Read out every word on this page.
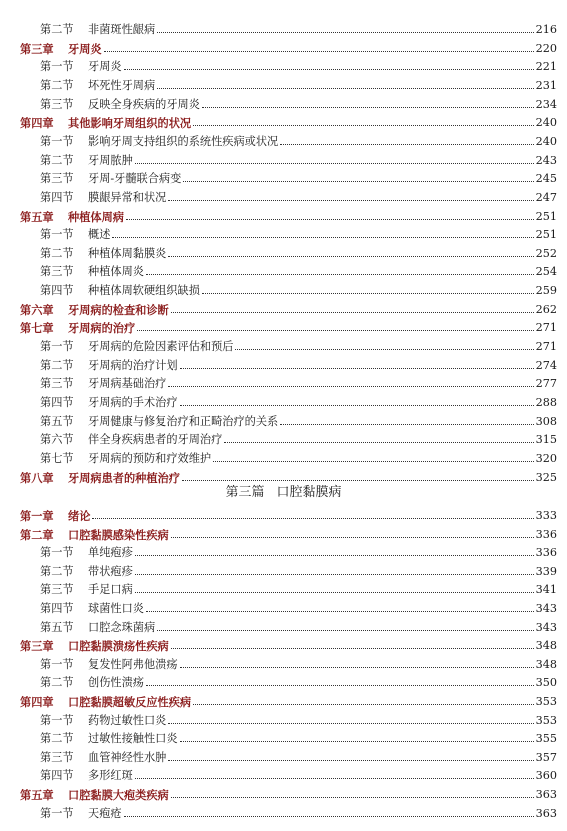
第三篇 口腔黏膜病
第二节	非菌斑性龈病	216
第三章	牙周炎	220
第一节	牙周炎	221
第二节	坏死性牙周病	231
第三节	反映全身疾病的牙周炎	234
第四章	其他影响牙周组织的状况	240
第一节	影响牙周支持组织的系统性疾病或状况	240
第二节	牙周脓肿	243
第三节	牙周-牙髓联合病变	245
第四节	膜龈异常和状况	247
第五章	种植体周病	251
第一节	概述	251
第二节	种植体周黏膜炎	252
第三节	种植体周炎	254
第四节	种植体周软硬组织缺损	259
第六章	牙周病的检查和诊断	262
第七章	牙周病的治疗	271
第一节	牙周病的危险因素评估和预后	271
第二节	牙周病的治疗计划	274
第三节	牙周病基础治疗	277
第四节	牙周病的手术治疗	288
第五节	牙周健康与修复治疗和正畸治疗的关系	308
第六节	伴全身疾病患者的牙周治疗	315
第七节	牙周病的预防和疗效维护	320
第八章	牙周病患者的种植治疗	325
第一章	绪论	333
第二章	口腔黏膜感染性疾病	336
第一节	单纯疱疹	336
第二节	带状疱疹	339
第三节	手足口病	341
第四节	球菌性口炎	343
第五节	口腔念珠菌病	343
第三章	口腔黏膜溃疡性疾病	348
第一节	复发性阿弗他溃疡	348
第二节	创伤性溃疡	350
第四章	口腔黏膜超敏反应性疾病	353
第一节	药物过敏性口炎	353
第二节	过敏性接触性口炎	355
第三节	血管神经性水肿	357
第四节	多形红斑	360
第五章	口腔黏膜大疱类疾病	363
第一节	天疱疮	363
